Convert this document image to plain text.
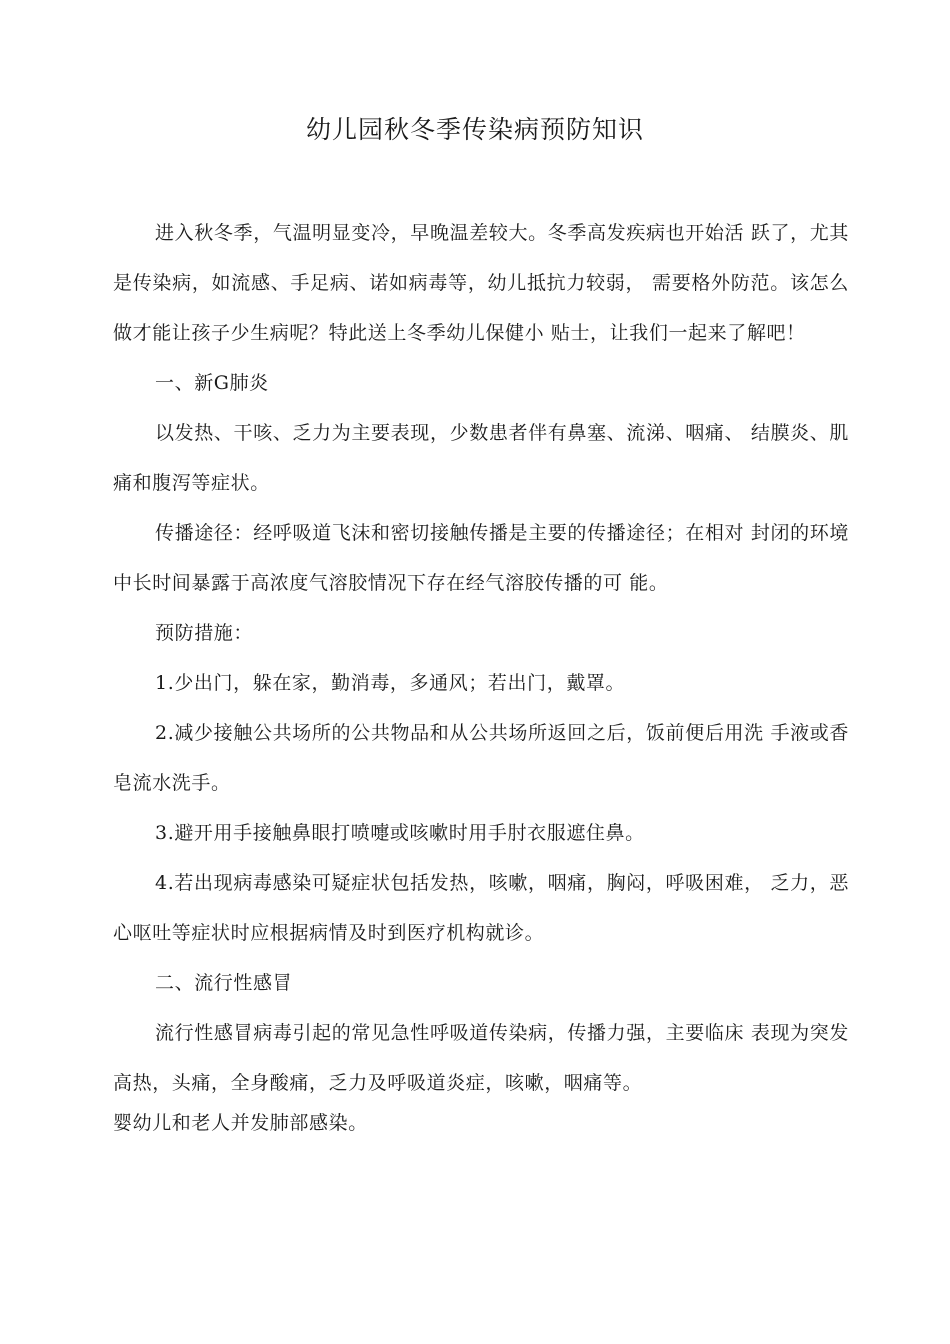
幼儿园秋冬季传染病预防知识

进入秋冬季，气温明显变冷，早晚温差较大。冬季高发疾病也开始活 跃了，尤其是传染病，如流感、手足病、诺如病毒等，幼儿抵抗力较弱， 需要格外防范。该怎么做才能让孩子少生病呢？特此送上冬季幼儿保健小 贴士，让我们一起来了解吧！

一、新G肺炎

以发热、干咳、乏力为主要表现，少数患者伴有鼻塞、流涕、咽痛、 结膜炎、肌痛和腹泻等症状。

传播途径：经呼吸道飞沫和密切接触传播是主要的传播途径；在相对 封闭的环境中长时间暴露于高浓度气溶胶情况下存在经气溶胶传播的可 能。

预防措施：

1.少出门，躲在家，勤消毒，多通风；若出门，戴罩。

2.减少接触公共场所的公共物品和从公共场所返回之后，饭前便后用洗 手液或香皂流水洗手。

3.避开用手接触鼻眼打喷嚏或咳嗽时用手肘衣服遮住鼻。

4.若出现病毒感染可疑症状包括发热，咳嗽，咽痛，胸闷，呼吸困难， 乏力，恶心呕吐等症状时应根据病情及时到医疗机构就诊。

二、流行性感冒

流行性感冒病毒引起的常见急性呼吸道传染病，传播力强，主要临床 表现为突发高热，头痛，全身酸痛，乏力及呼吸道炎症，咳嗽，咽痛等。

婴幼儿和老人并发肺部感染。
